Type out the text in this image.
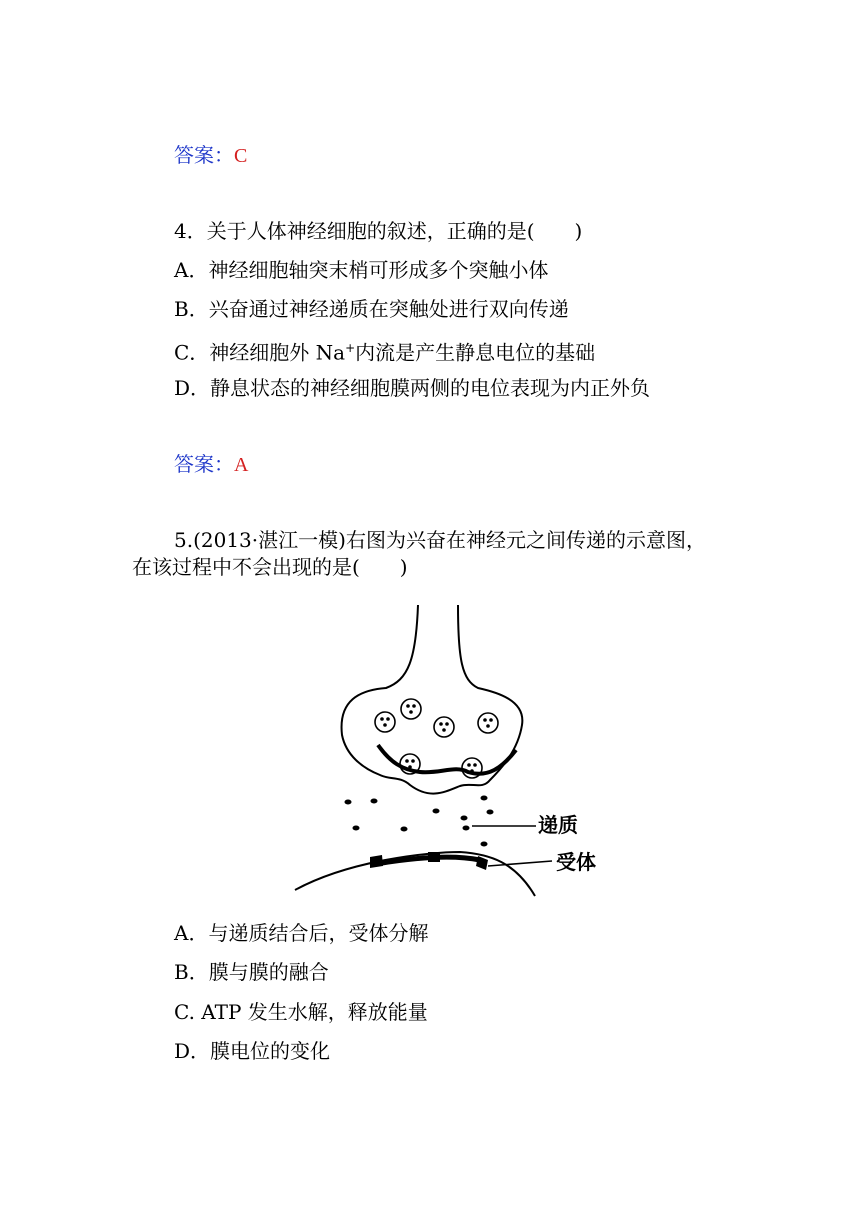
答案：C
4．关于人体神经细胞的叙述，正确的是(　　)
A．神经细胞轴突末梢可形成多个突触小体
B．兴奋通过神经递质在突触处进行双向传递
C．神经细胞外 Na+内流是产生静息电位的基础
D．静息状态的神经细胞膜两侧的电位表现为内正外负
答案：A
5.(2013·湛江一模)右图为兴奋在神经元之间传递的示意图，
在该过程中不会出现的是(　　)
递质
受体
A．与递质结合后，受体分解
B．膜与膜的融合
C. ATP 发生水解，释放能量
D．膜电位的变化
